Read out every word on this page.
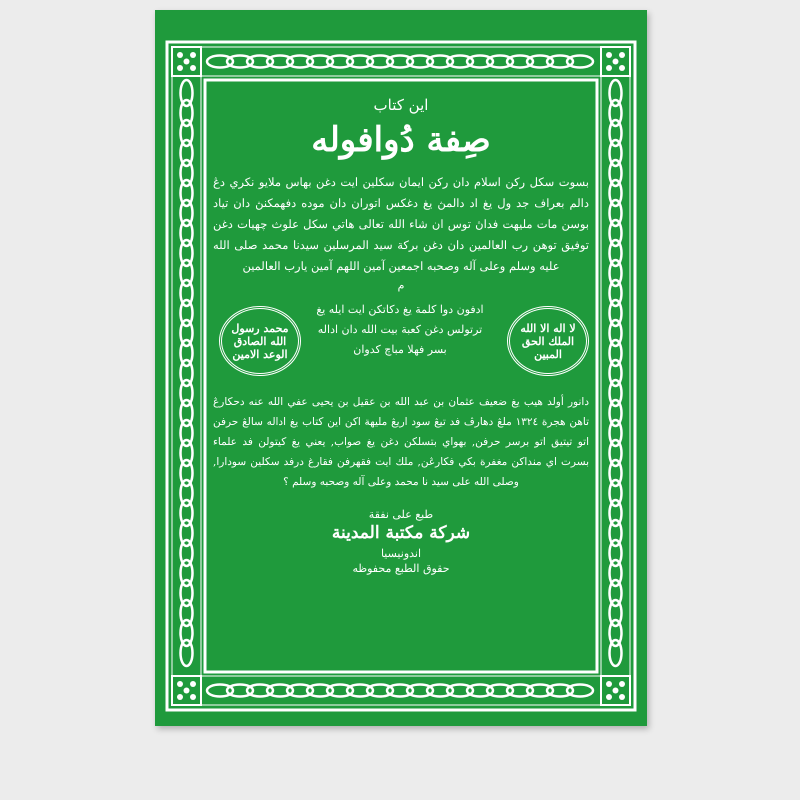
اين كتاب
صِفة دُوافوله
بسوت سكل ركن اسلام دان ركن ايمان سكلين ايت دغن بهاس ملايو نكري دڠ دالم بعراف جد ول يغ اد دالمڽ يغ دغكس اتوران دان موده دفهمكنڽ دان تياد بوسن مات مليهت فداڽ توس ان شاء الله تعالى هاتي سكل علوث چهيات دغن توفيق توهن رب العالمين دان دغن بركة سيد المرسلين سيدنا محمد صلى الله عليه وسلم وعلى آله وصحبه اجمعين آمين اللهم آمين يارب العالمين
م
لا اله الا الله الملك الحق المبين
ادفون دوا كلمة يغ دكاتكن ايت ايله يغ ترتولس دغن كعبة بيت الله دان اداله بسر فهلا مباچ كدوان
محمد رسول الله الصادق الوعد الامين
دانور أولد هيب يغ ضعيف عثمان بن عبد الله بن عقيل بن يحيى عفي الله عنه دحكارڠ تاهن هجرة ١٣٢٤ ملڠ دهارڤ فد تيڠ سود اريڠ مليهة اكن اين كتاب يغ اداله سالڠ حرفن اتو تيتيق اتو برسر حرفن, بهواي بتسلكن دغن يغ صواب, يعني يغ كيتولن فد علماء بسرت اي منداكن مغفرة بكي فكارڠن, ملك ايت فقهرفن فقارغ درفد سكلين سودارا, وصلى الله على سيد نا محمد وعلى آله وصحبه وسلم ؟
طبع على نفقة
شركة مكتبة المدينة
اندونيسيا
حقوق الطبع محفوظه
